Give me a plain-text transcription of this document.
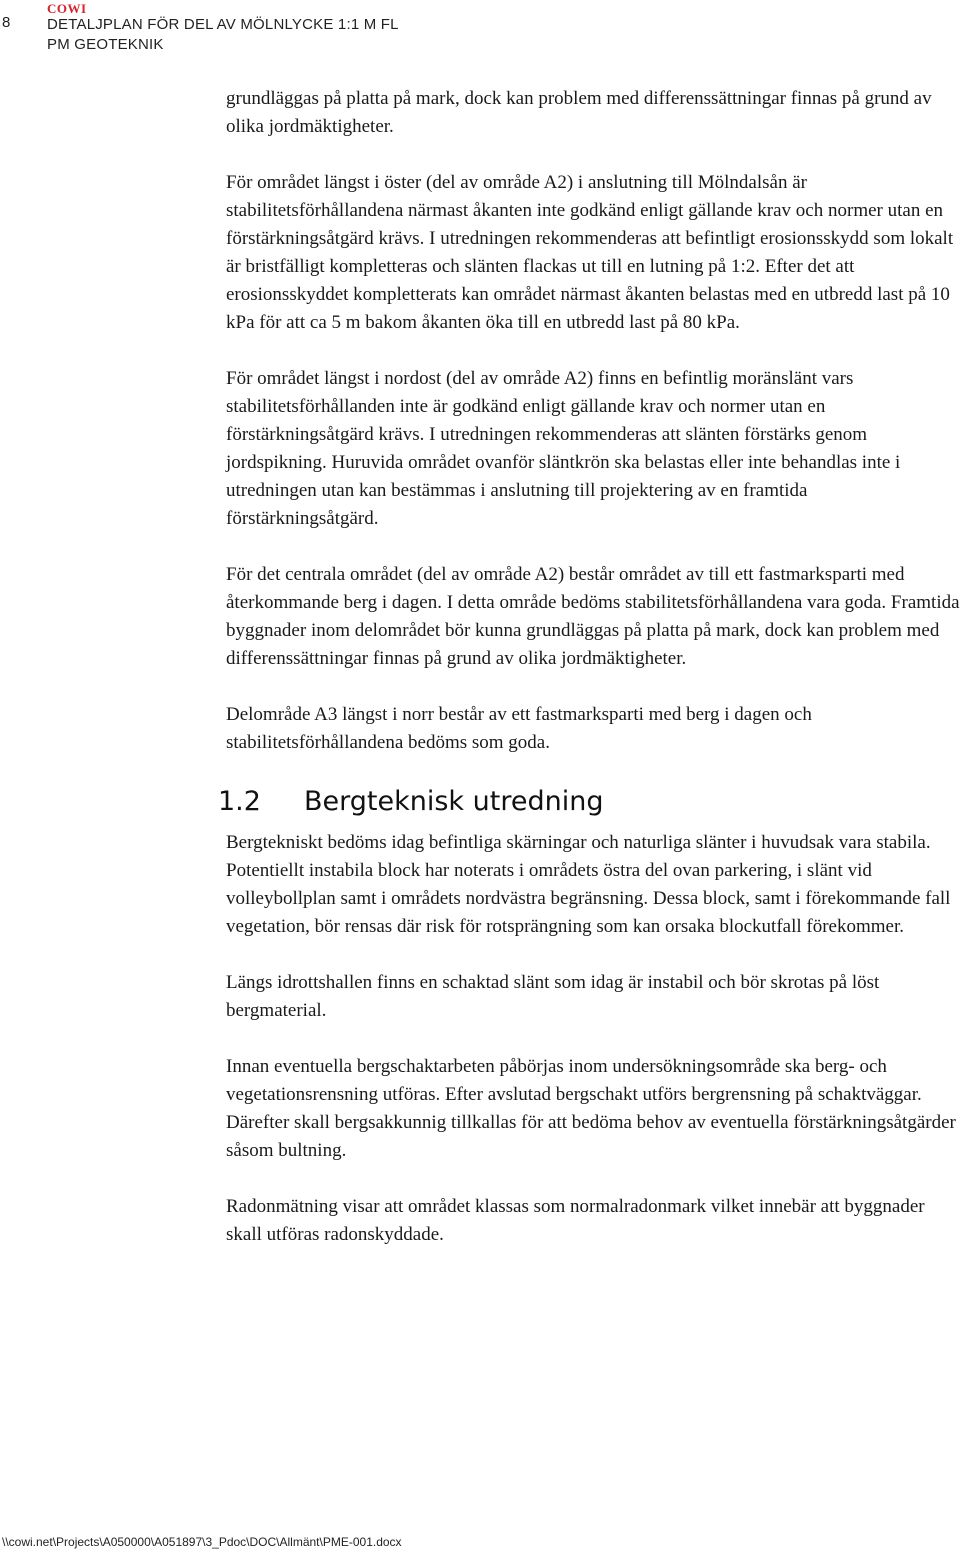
8
COWI
DETALJPLAN FÖR DEL AV MÖLNLYCKE 1:1 M FL
PM GEOTEKNIK

grundläggas på platta på mark, dock kan problem med differenssättningar finnas på grund av olika jordmäktigheter.

För området längst i öster (del av område A2) i anslutning till Mölndalsån är stabilitetsförhållandena närmast åkanten inte godkänd enligt gällande krav och normer utan en förstärkningsåtgärd krävs. I utredningen rekommenderas att befintligt erosionsskydd som lokalt är bristfälligt kompletteras och slänten flackas ut till en lutning på 1:2. Efter det att erosionsskyddet kompletterats kan området närmast åkanten belastas med en utbredd last på 10 kPa för att ca 5 m bakom åkanten öka till en utbredd last på 80 kPa.

För området längst i nordost (del av område A2) finns en befintlig moränslänt vars stabilitetsförhållanden inte är godkänd enligt gällande krav och normer utan en förstärkningsåtgärd krävs. I utredningen rekommenderas att slänten förstärks genom jordspikning. Huruvida området ovanför släntkrön ska belastas eller inte behandlas inte i utredningen utan kan bestämmas i anslutning till projektering av en framtida förstärkningsåtgärd.

För det centrala området (del av område A2) består området av till ett fastmarksparti med återkommande berg i dagen. I detta område bedöms stabilitetsförhållandena vara goda. Framtida byggnader inom delområdet bör kunna grundläggas på platta på mark, dock kan problem med differenssättningar finnas på grund av olika jordmäktigheter.

Delområde A3 längst i norr består av ett fastmarksparti med berg i dagen och stabilitetsförhållandena bedöms som goda.

1.2	Bergteknisk utredning

Bergtekniskt bedöms idag befintliga skärningar och naturliga slänter i huvudsak vara stabila. Potentiellt instabila block har noterats i områdets östra del ovan parkering, i slänt vid volleybollplan samt i områdets nordvästra begränsning. Dessa block, samt i förekommande fall vegetation, bör rensas där risk för rotsprängning som kan orsaka blockutfall förekommer.

Längs idrottshallen finns en schaktad slänt som idag är instabil och bör skrotas på löst bergmaterial.

Innan eventuella bergschaktarbeten påbörjas inom undersökningsområde ska berg- och vegetationsrensning utföras. Efter avslutad bergschakt utförs bergrensning på schaktväggar. Därefter skall bergsakkunnig tillkallas för att bedöma behov av eventuella förstärkningsåtgärder såsom bultning.

Radonmätning visar att området klassas som normalradonmark vilket innebär att byggnader skall utföras radonskyddade.

\\cowi.net\Projects\A050000\A051897\3_Pdoc\DOC\Allmänt\PME-001.docx
